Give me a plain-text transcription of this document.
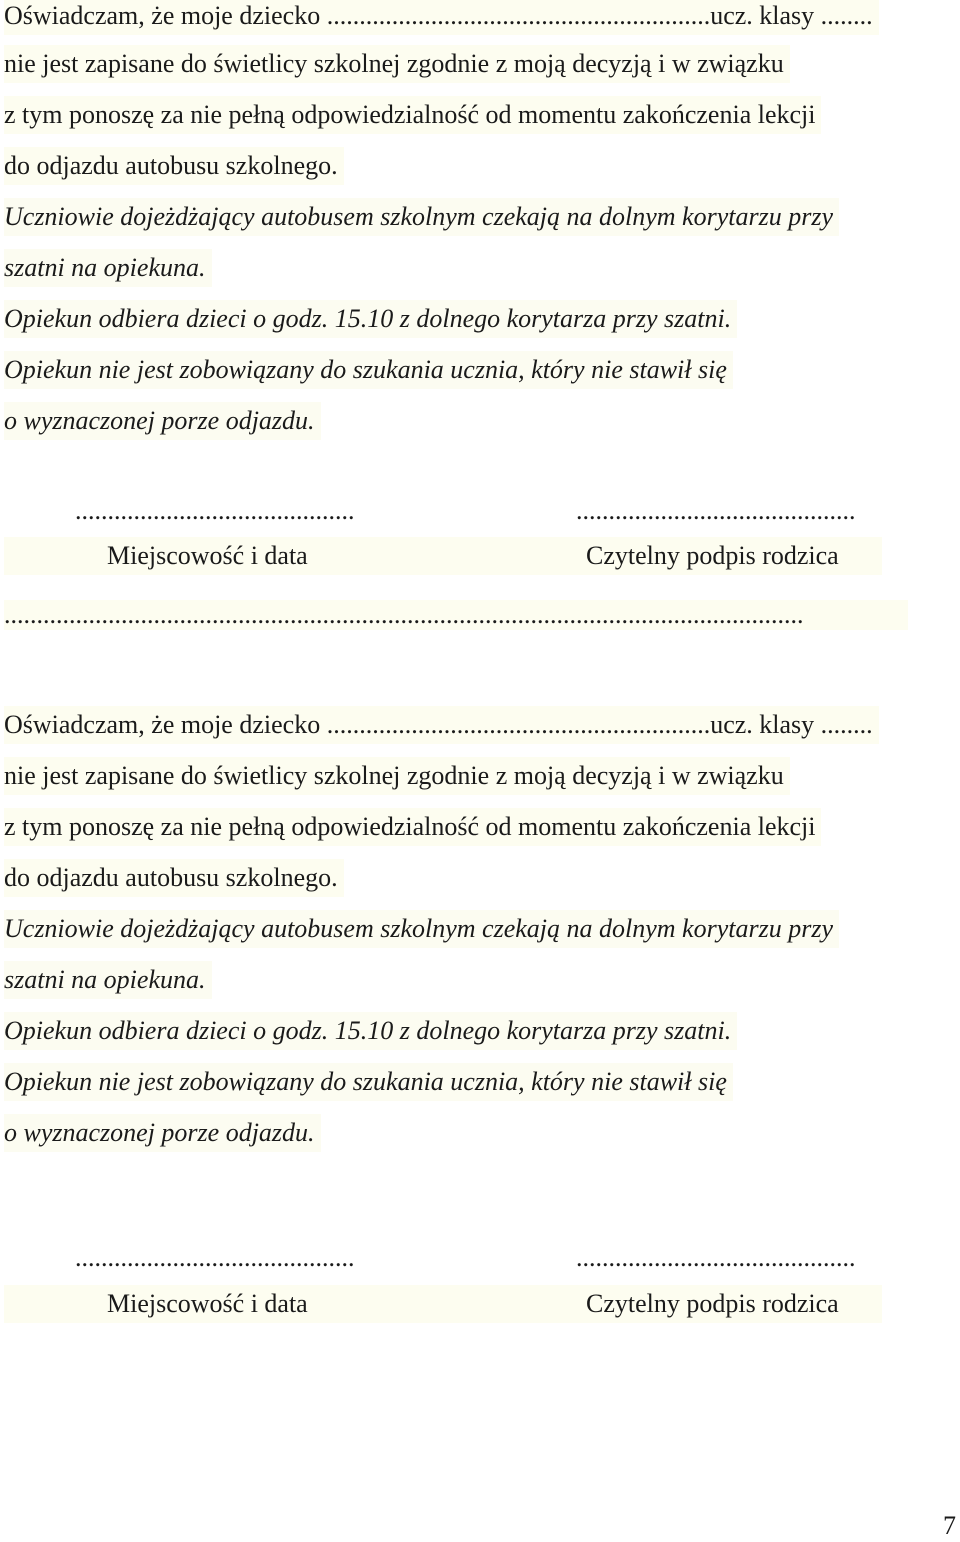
Oświadczam, że moje dziecko ...........................................................ucz. klasy ........
nie jest zapisane do świetlicy szkolnej zgodnie z moją decyzją i w związku
z tym ponoszę za nie pełną odpowiedzialność od momentu zakończenia lekcji
do odjazdu autobusu szkolnego.
Uczniowie dojeżdżający autobusem szkolnym czekają na dolnym korytarzu przy
szatni na opiekuna.
Opiekun odbiera dzieci o godz. 15.10 z dolnego korytarza przy szatni.
Opiekun nie jest zobowiązany do szukania ucznia, który nie stawił się
o wyznaczonej porze odjazdu.
...........................................	...........................................
Miejscowość i data	Czytelny podpis rodzica
...........................................................................................................................
Oświadczam, że moje dziecko ...........................................................ucz. klasy ........
nie jest zapisane do świetlicy szkolnej zgodnie z moją decyzją i w związku
z tym ponoszę za nie pełną odpowiedzialność od momentu zakończenia lekcji
do odjazdu autobusu szkolnego.
Uczniowie dojeżdżający autobusem szkolnym czekają na dolnym korytarzu przy
szatni na opiekuna.
Opiekun odbiera dzieci o godz. 15.10 z dolnego korytarza przy szatni.
Opiekun nie jest zobowiązany do szukania ucznia, który nie stawił się
o wyznaczonej porze odjazdu.
...........................................	...........................................
Miejscowość i data	Czytelny podpis rodzica
7
